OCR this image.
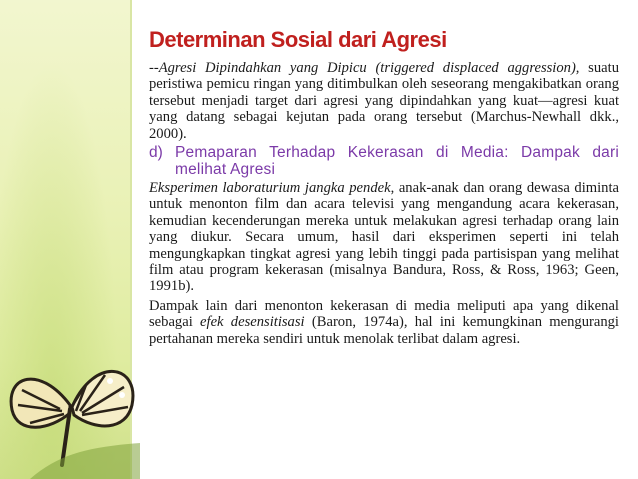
Determinan Sosial dari Agresi

--Agresi Dipindahkan yang Dipicu (triggered displaced aggression), suatu peristiwa pemicu ringan yang ditimbulkan oleh seseorang mengakibatkan orang tersebut menjadi target dari agresi yang dipindahkan yang kuat—agresi kuat yang datang sebagai kejutan pada orang tersebut (Marchus-Newhall dkk., 2000).

d) Pemaparan Terhadap Kekerasan di Media: Dampak dari melihat Agresi

Eksperimen laboraturium jangka pendek, anak-anak dan orang dewasa diminta untuk menonton film dan acara televisi yang mengandung acara kekerasan, kemudian kecenderungan mereka untuk melakukan agresi terhadap orang lain yang diukur. Secara umum, hasil dari eksperimen seperti ini telah mengungkapkan tingkat agresi yang lebih tinggi pada partisispan yang melihat film atau program kekerasan (misalnya Bandura, Ross, & Ross, 1963; Geen, 1991b).

Dampak lain dari menonton kekerasan di media meliputi apa yang dikenal sebagai efek desensitisasi (Baron, 1974a), hal ini kemungkinan mengurangi pertahanan mereka sendiri untuk menolak terlibat dalam agresi.
